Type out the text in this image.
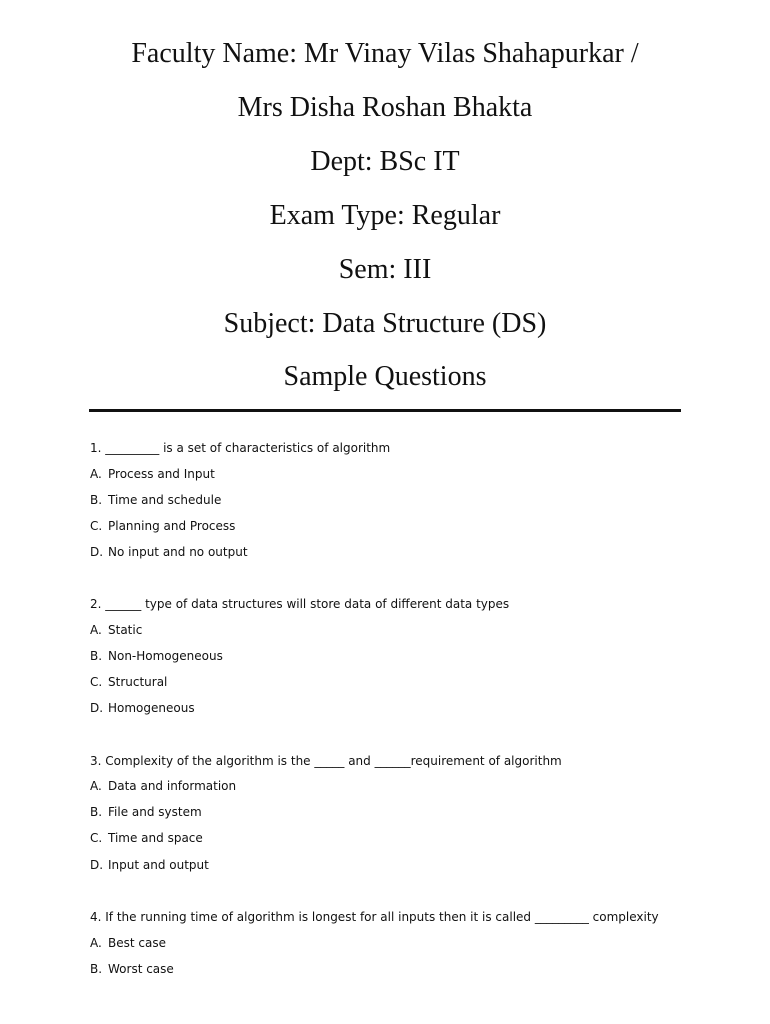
Faculty Name: Mr Vinay Vilas Shahapurkar /
Mrs Disha Roshan Bhakta
Dept: BSc IT
Exam Type: Regular
Sem: III
Subject: Data Structure (DS)
Sample Questions
1. _________ is a set of characteristics of algorithm
A. Process and Input
B. Time and schedule
C. Planning and Process
D. No input and no output
2. ______ type of data structures will store data of different data types
A. Static
B. Non-Homogeneous
C. Structural
D. Homogeneous
3. Complexity of the algorithm is the _____ and ______requirement of algorithm
A. Data and information
B. File and system
C. Time and space
D. Input and output
4. If the running time of algorithm is longest for all inputs then it is called _________ complexity
A. Best case
B. Worst case
